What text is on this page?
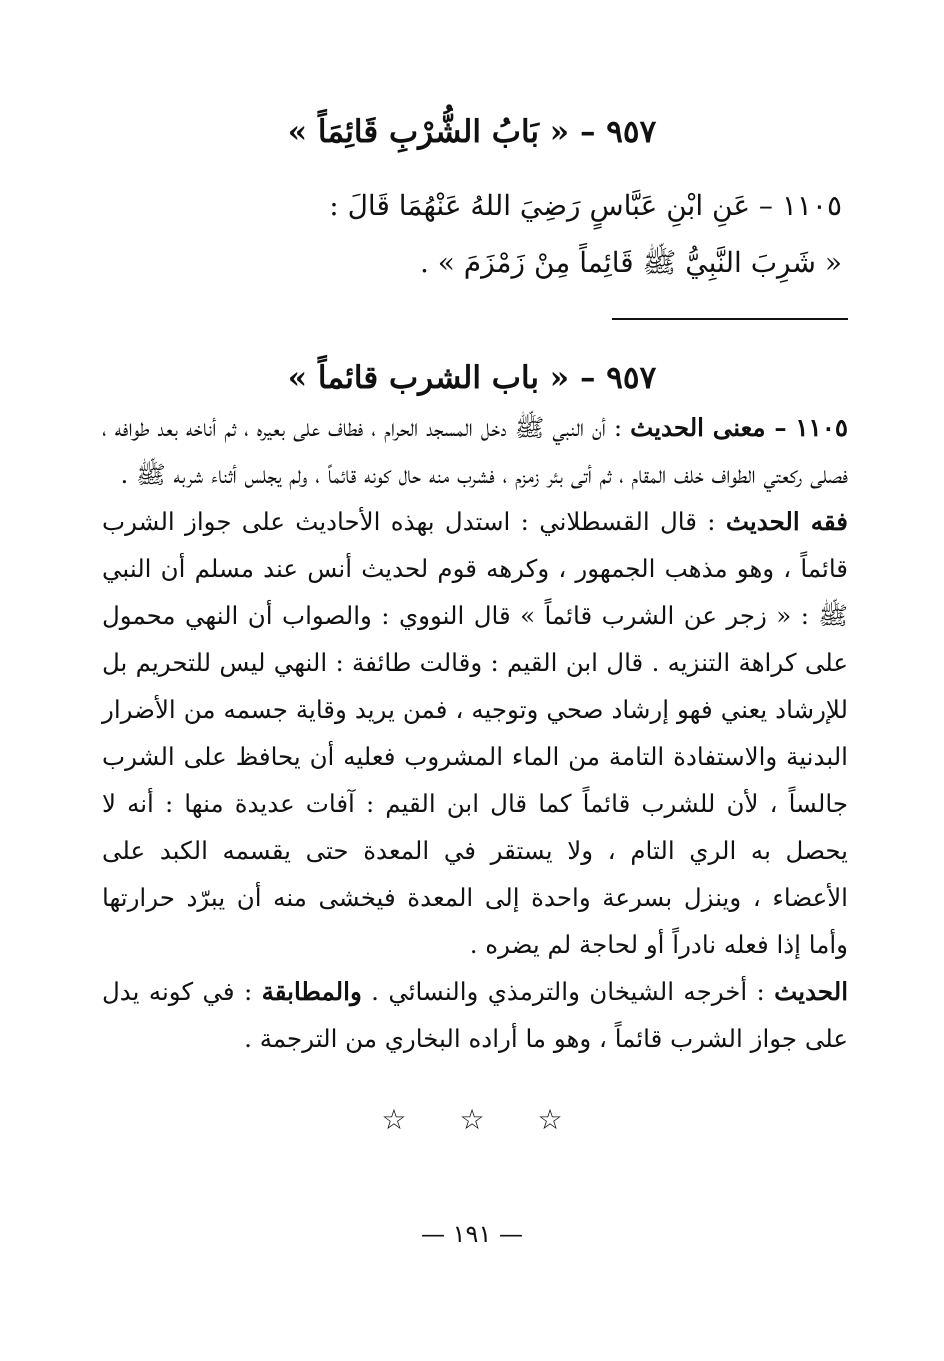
٩٥٧ – « بَابُ الشُّرْبِ قَائِمَاً »
١١٠٥ – عَنِ ابْنِ عَبَّاسٍ رَضِيَ اللهُ عَنْهُمَا قَالَ :
« شَرِبَ النَّبِيُّ ﷺ قَائِماً مِنْ زَمْزَمَ » .
٩٥٧ – « باب الشرب قائماً »

١١٠٥ – معنى الحديث : أن النبي ﷺ دخل المسجد الحرام ، فطاف على بعيره ، ثم أناخه بعد طوافه ، فصلى ركعتي الطواف خلف المقام ، ثم أتى بئر زمزم ، فشرب منه حال كونه قائماً ، ولم يجلس أثناء شربه ﷺ .

فقه الحديث : قال القسطلاني : استدل بهذه الأحاديث على جواز الشرب قائماً ، وهو مذهب الجمهور ، وكرهه قوم لحديث أنس عند مسلم أن النبي ﷺ : « زجر عن الشرب قائماً » قال النووي : والصواب أن النهي محمول على كراهة التنزيه . قال ابن القيم : وقالت طائفة : النهي ليس للتحريم بل للإرشاد يعني فهو إرشاد صحي وتوجيه ، فمن يريد وقاية جسمه من الأضرار البدنية والاستفادة التامة من الماء المشروب فعليه أن يحافظ على الشرب جالساً ، لأن للشرب قائماً كما قال ابن القيم : آفات عديدة منها : أنه لا يحصل به الري التام ، ولا يستقر في المعدة حتى يقسمه الكبد على الأعضاء ، وينزل بسرعة واحدة إلى المعدة فيخشى منه أن يبرّد حرارتها وأما إذا فعله نادراً أو لحاجة لم يضره .

الحديث : أخرجه الشيخان والترمذي والنسائي . والمطابقة : في كونه يدل على جواز الشرب قائماً ، وهو ما أراده البخاري من الترجمة .

☆ ☆ ☆
— ١٩١ —
